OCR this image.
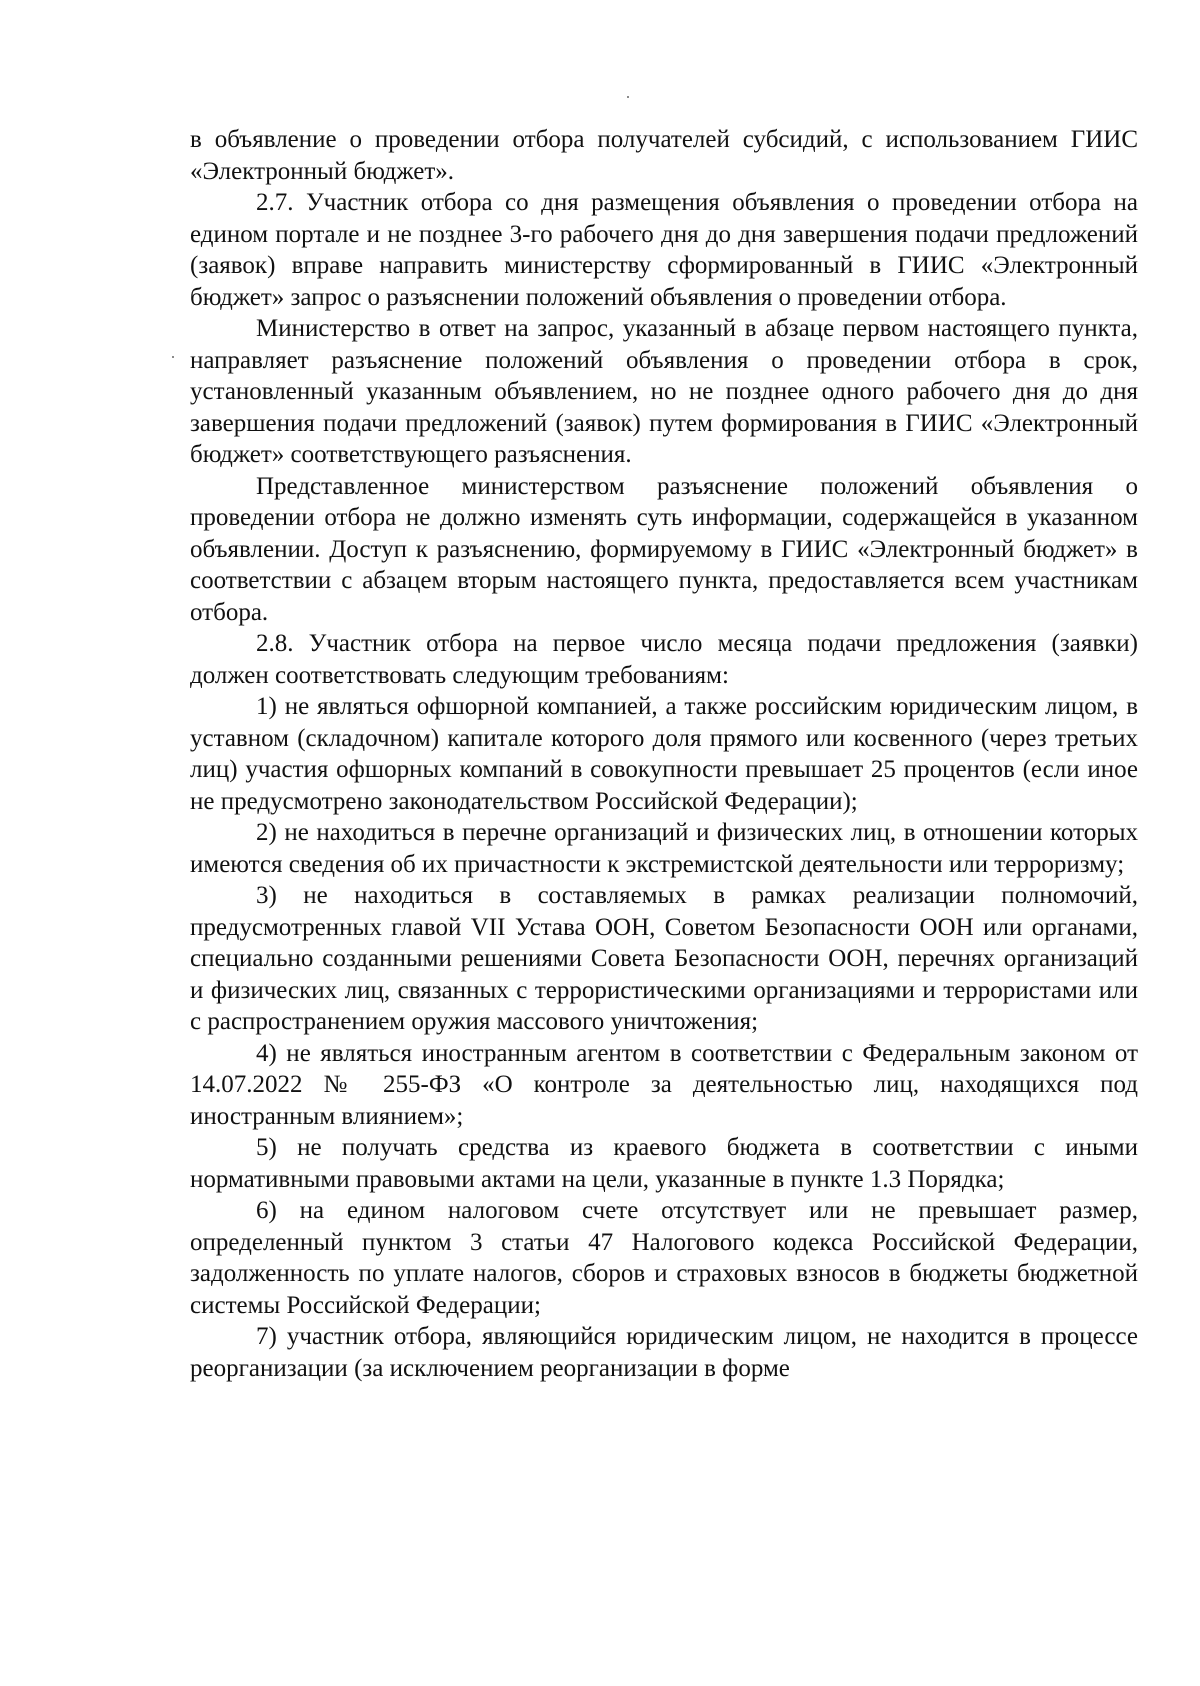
в объявление о проведении отбора получателей субсидий, с использованием ГИИС «Электронный бюджет».

2.7. Участник отбора со дня размещения объявления о проведении отбора на едином портале и не позднее 3-го рабочего дня до дня завершения подачи предложений (заявок) вправе направить министерству сформированный в ГИИС «Электронный бюджет» запрос о разъяснении положений объявления о проведении отбора.

Министерство в ответ на запрос, указанный в абзаце первом настоящего пункта, направляет разъяснение положений объявления о проведении отбора в срок, установленный указанным объявлением, но не позднее одного рабочего дня до дня завершения подачи предложений (заявок) путем формирования в ГИИС «Электронный бюджет» соответствующего разъяснения.

Представленное министерством разъяснение положений объявления о проведении отбора не должно изменять суть информации, содержащейся в указанном объявлении. Доступ к разъяснению, формируемому в ГИИС «Электронный бюджет» в соответствии с абзацем вторым настоящего пункта, предоставляется всем участникам отбора.

2.8. Участник отбора на первое число месяца подачи предложения (заявки) должен соответствовать следующим требованиям:

1) не являться офшорной компанией, а также российским юридическим лицом, в уставном (складочном) капитале которого доля прямого или косвенного (через третьих лиц) участия офшорных компаний в совокупности превышает 25 процентов (если иное не предусмотрено законодательством Российской Федерации);

2) не находиться в перечне организаций и физических лиц, в отношении которых имеются сведения об их причастности к экстремистской деятельности или терроризму;

3) не находиться в составляемых в рамках реализации полномочий, предусмотренных главой VII Устава ООН, Советом Безопасности ООН или органами, специально созданными решениями Совета Безопасности ООН, перечнях организаций и физических лиц, связанных с террористическими организациями и террористами или с распространением оружия массового уничтожения;

4) не являться иностранным агентом в соответствии с Федеральным законом от 14.07.2022 № 255-ФЗ «О контроле за деятельностью лиц, находящихся под иностранным влиянием»;

5) не получать средства из краевого бюджета в соответствии с иными нормативными правовыми актами на цели, указанные в пункте 1.3 Порядка;

6) на едином налоговом счете отсутствует или не превышает размер, определенный пунктом 3 статьи 47 Налогового кодекса Российской Федерации, задолженность по уплате налогов, сборов и страховых взносов в бюджеты бюджетной системы Российской Федерации;

7) участник отбора, являющийся юридическим лицом, не находится в процессе реорганизации (за исключением реорганизации в форме
